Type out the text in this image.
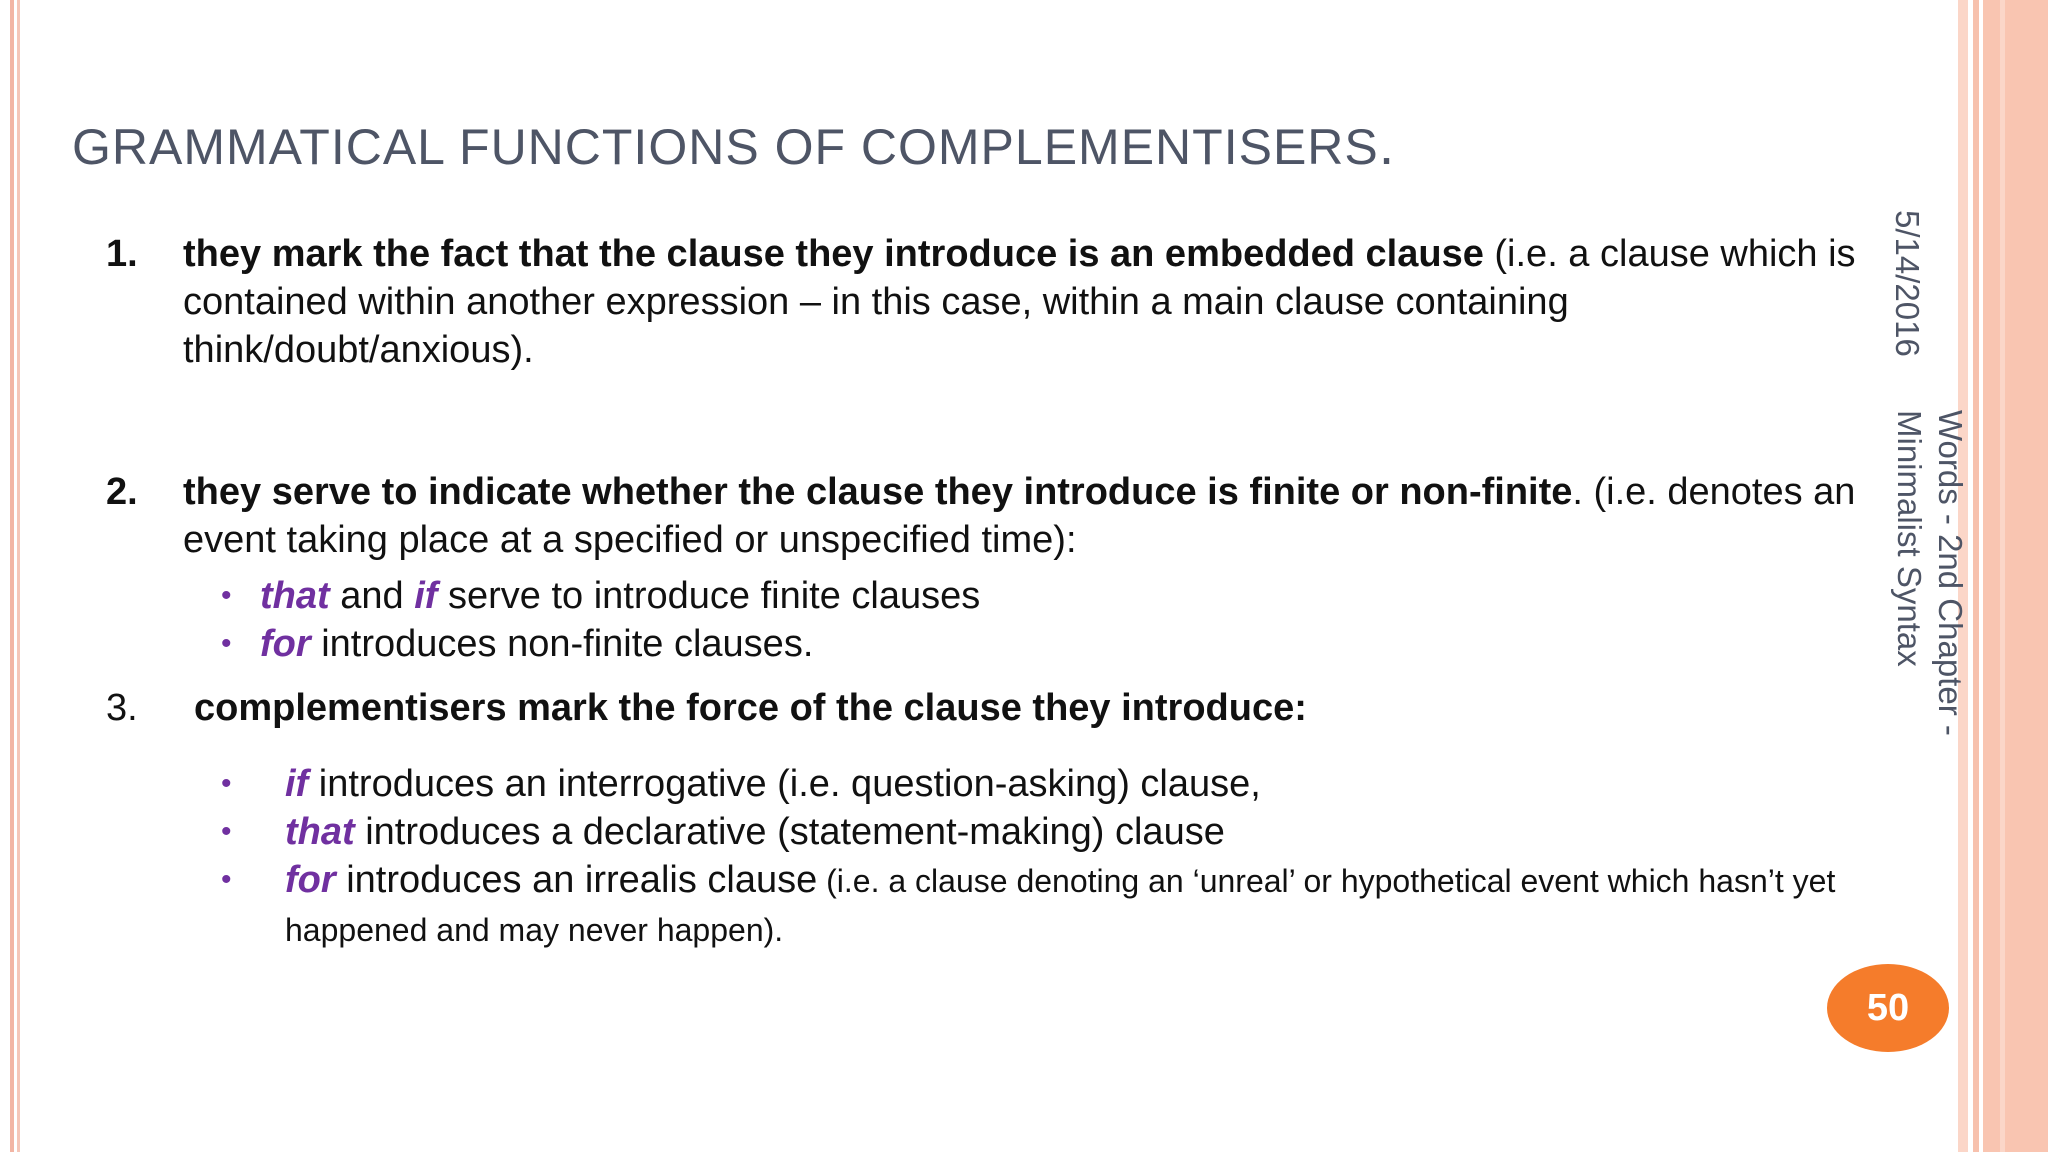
GRAMMATICAL FUNCTIONS OF COMPLEMENTISERS.
1. they mark the fact that the clause they introduce is an embedded clause (i.e. a clause which is contained within another expression – in this case, within a main clause containing think/doubt/anxious).
2. they serve to indicate whether the clause they introduce is finite or non-finite. (i.e. denotes an event taking place at a specified or unspecified time):
• that and if serve to introduce finite clauses
• for introduces non-finite clauses.
3. complementisers mark the force of the clause they introduce:
• if introduces an interrogative (i.e. question-asking) clause,
• that introduces a declarative (statement-making) clause
• for introduces an irrealis clause (i.e. a clause denoting an ‘unreal’ or hypothetical event which hasn’t yet happened and may never happen).
5/14/2016
Words - 2nd Chapter -
Minimalist Syntax
50
